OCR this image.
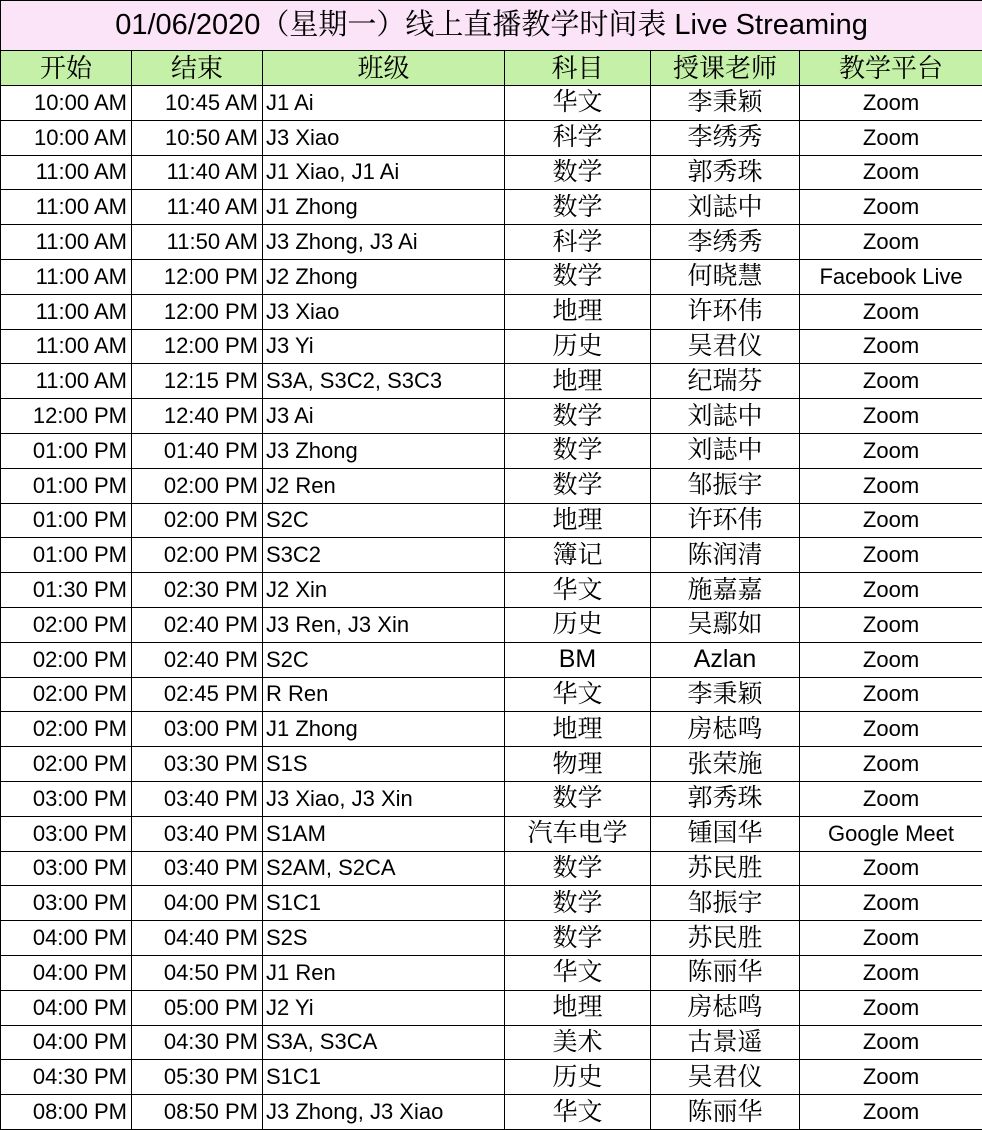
01/06/2020（星期一）线上直播教学时间表 Live Streaming					
开始	结束	班级	科目	授课老师	教学平台
10:00 AM	10:45 AM	J1 Ai	华文	李秉颖	Zoom
10:00 AM	10:50 AM	J3 Xiao	科学	李绣秀	Zoom
11:00 AM	11:40 AM	J1 Xiao, J1 Ai	数学	郭秀珠	Zoom
11:00 AM	11:40 AM	J1 Zhong	数学	刘誌中	Zoom
11:00 AM	11:50 AM	J3 Zhong, J3 Ai	科学	李绣秀	Zoom
11:00 AM	12:00 PM	J2 Zhong	数学	何晓慧	Facebook Live
11:00 AM	12:00 PM	J3 Xiao	地理	许环伟	Zoom
11:00 AM	12:00 PM	J3 Yi	历史	吴君仪	Zoom
11:00 AM	12:15 PM	S3A, S3C2, S3C3	地理	纪瑞芬	Zoom
12:00 PM	12:40 PM	J3 Ai	数学	刘誌中	Zoom
01:00 PM	01:40 PM	J3 Zhong	数学	刘誌中	Zoom
01:00 PM	02:00 PM	J2 Ren	数学	邹振宇	Zoom
01:00 PM	02:00 PM	S2C	地理	许环伟	Zoom
01:00 PM	02:00 PM	S3C2	簿记	陈润清	Zoom
01:30 PM	02:30 PM	J2 Xin	华文	施嘉嘉	Zoom
02:00 PM	02:40 PM	J3 Ren, J3 Xin	历史	吴鄢如	Zoom
02:00 PM	02:40 PM	S2C	BM	Azlan	Zoom
02:00 PM	02:45 PM	R Ren	华文	李秉颖	Zoom
02:00 PM	03:00 PM	J1 Zhong	地理	房梽鸣	Zoom
02:00 PM	03:30 PM	S1S	物理	张荣施	Zoom
03:00 PM	03:40 PM	J3 Xiao, J3 Xin	数学	郭秀珠	Zoom
03:00 PM	03:40 PM	S1AM	汽车电学	锺国华	Google Meet
03:00 PM	03:40 PM	S2AM, S2CA	数学	苏民胜	Zoom
03:00 PM	04:00 PM	S1C1	数学	邹振宇	Zoom
04:00 PM	04:40 PM	S2S	数学	苏民胜	Zoom
04:00 PM	04:50 PM	J1 Ren	华文	陈丽华	Zoom
04:00 PM	05:00 PM	J2 Yi	地理	房梽鸣	Zoom
04:00 PM	04:30 PM	S3A, S3CA	美术	古景遥	Zoom
04:30 PM	05:30 PM	S1C1	历史	吴君仪	Zoom
08:00 PM	08:50 PM	J3 Zhong, J3 Xiao	华文	陈丽华	Zoom
